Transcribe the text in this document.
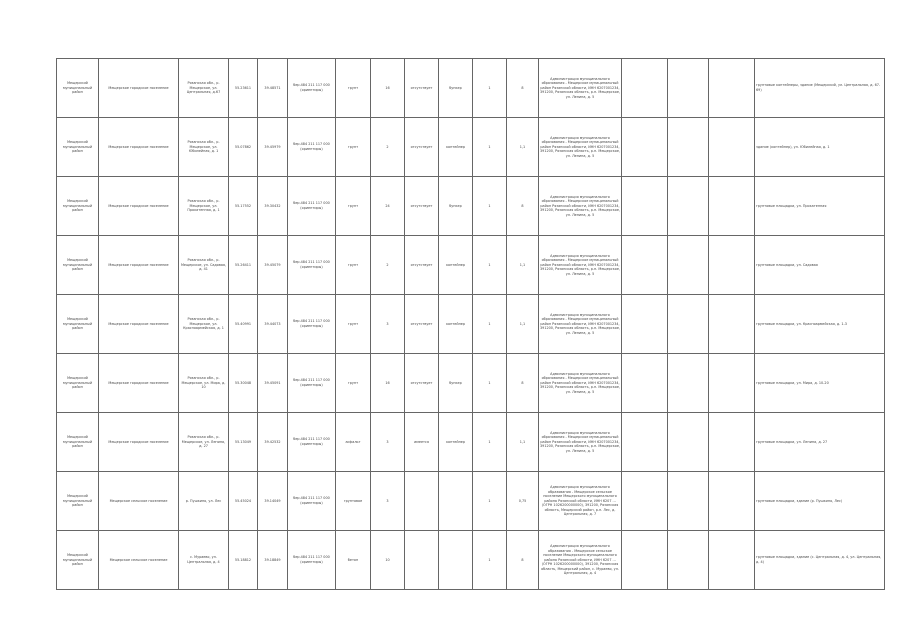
Мещерский муниципальный район	Мещерское городское поселение	Рязанская обл., р. Мещерское, ул. Центральная, д.67	55.23611	39.48571	бер.484 211 117 000 (ориентиры)	грунт	16	отсутствует	бункер	1	8	Администрация муниципального образования - Мещерское муниципальный район Рязанской области, ИНН 6207001234, 391200, Рязанская область, р.п. Мещерское, ул. Ленина, д. 5				грунтовые контейнеры, здание (Мещерский, ул. Центральная, д. 67-69)
Мещерский муниципальный район	Мещерское городское поселение	Рязанская обл., р. Мещерское, ул. Юбилейная, д. 1	55.07862	39.45979	бер.484 211 117 000 (ориентиры)	грунт	2	отсутствует	контейнер	1	1,1	Администрация муниципального образования - Мещерское муниципальный район Рязанской области, ИНН 6207001234, 391200, Рязанская область, р.п. Мещерское, ул. Ленина, д. 5				здание (контейнер), ул. Юбилейная, д. 1
Мещерский муниципальный район	Мещерское городское поселение	Рязанская обл., р. Мещерское, ул. Прокатенная, д. 1	55.17552	39.30432	бер.484 211 117 000 (ориентиры)	грунт	24	отсутствует	бункер	1	8	Администрация муниципального образования - Мещерское муниципальный район Рязанской области, ИНН 6207001234, 391200, Рязанская область, р.п. Мещерское, ул. Ленина, д. 5				грунтовые площадки, ул. Прокатенная
Мещерский муниципальный район	Мещерское городское поселение	Рязанская обл., р. Мещерское, ул. Садовая, д. 41	55.26411	39.45079	бер.484 211 117 000 (ориентиры)	грунт	2	отсутствует	контейнер	1	1,1	Администрация муниципального образования - Мещерское муниципальный район Рязанской области, ИНН 6207001234, 391200, Рязанская область, р.п. Мещерское, ул. Ленина, д. 5				грунтовые площадки, ул. Садовая
Мещерский муниципальный район	Мещерское городское поселение	Рязанская обл., р. Мещерское, ул. Красноармейская, д. 1	55.40991	39.44073	бер.484 211 117 000 (ориентиры)	грунт	3	отсутствует	контейнер	1	1,1	Администрация муниципального образования - Мещерское муниципальный район Рязанской области, ИНН 6207001234, 391200, Рязанская область, р.п. Мещерское, ул. Ленина, д. 5				грунтовые площадки, ул. Красноармейская, д. 1-3
Мещерский муниципальный район	Мещерское городское поселение	Рязанская обл., р. Мещерское, ул. Мира, д. 10	55.30048	39.45091	бер.484 211 117 000 (ориентиры)	грунт	16	отсутствует	бункер	1	8	Администрация муниципального образования - Мещерское муниципальный район Рязанской области, ИНН 6207001234, 391200, Рязанская область, р.п. Мещерское, ул. Ленина, д. 5				грунтовые площадки, ул. Мира, д. 10-20
Мещерский муниципальный район	Мещерское городское поселение	Рязанская обл., р. Мещерское, ул. Ленина, д. 27	55.13049	39.42532	бер.484 211 117 000 (ориентиры)	асфальт	3	имеется	контейнер	1	1,1	Администрация муниципального образования - Мещерское муниципальный район Рязанской области, ИНН 6207001234, 391200, Рязанская область, р.п. Мещерское, ул. Ленина, д. 5				грунтовые площадки, ул. Ленина, д. 27
Мещерский муниципальный район	Мещерское сельское поселение	р. Пушкино, ул. Лес	55.45024	39.14049	бер.484 211 117 000 (ориентиры)	грунтовое	3			1	0,75	Администрация муниципального образования - Мещерское сельское поселение Мещерского муниципального района Рязанской области, ИНН 6207 ...(ОГРН 1026200000000), 391200, Рязанская область, Мещерский район, р.п. Лес, д. Центральная, д. 7				грунтовые площадки, здание (р. Пушкино, Лес)
Мещерский муниципальный район	Мещерское сельское поселение	с. Мураево, ул. Центральная, д. 4	55.18812	39.18849	бер.484 211 117 000 (ориентиры)	бетон	10			1	8	Администрация муниципального образования - Мещерское сельское поселение Мещерского муниципального района Рязанской области, ИНН 6207 ...(ОГРН 1026200000000), 391200, Рязанская область, Мещерский район, с. Мураево, ул. Центральная, д. 4				грунтовые площадки, здание (с. Центральная, д. 4, ул. Центральная, д. 4)
